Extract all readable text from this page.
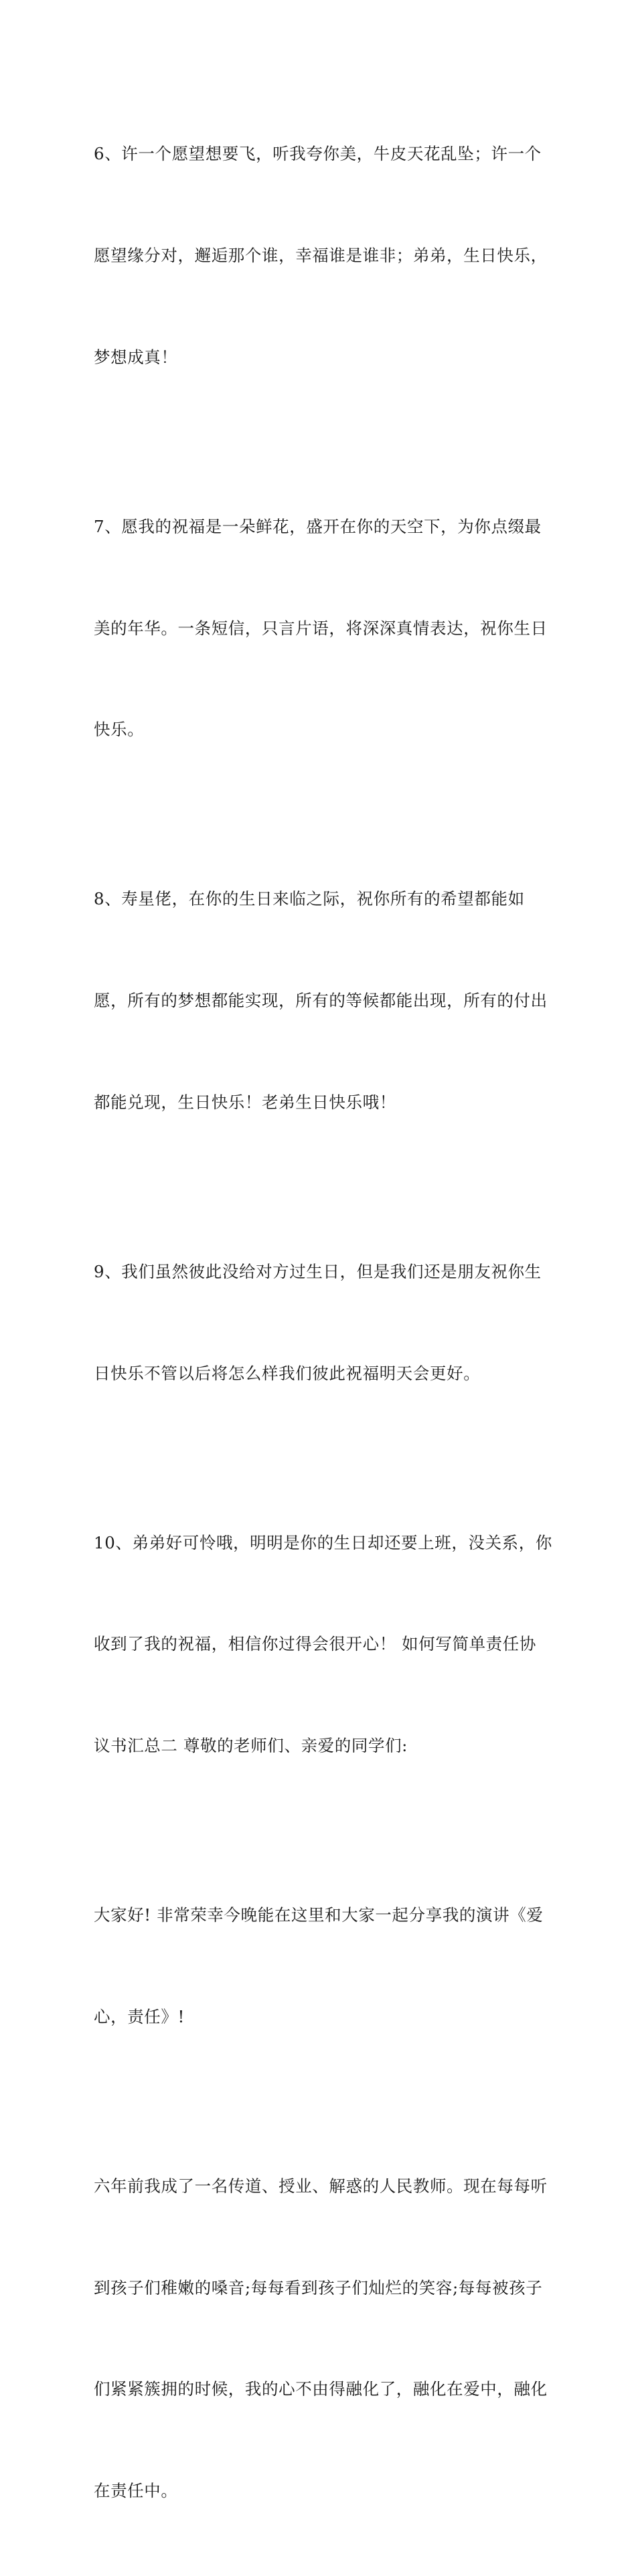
6、许一个愿望想要飞，听我夸你美，牛皮天花乱坠；许一个

愿望缘分对，邂逅那个谁，幸福谁是谁非；弟弟，生日快乐，

梦想成真！

7、愿我的祝福是一朵鲜花，盛开在你的天空下，为你点缀最

美的年华。一条短信，只言片语，将深深真情表达，祝你生日

快乐。

8、寿星佬，在你的生日来临之际，祝你所有的希望都能如

愿，所有的梦想都能实现，所有的等候都能出现，所有的付出

都能兑现，生日快乐！老弟生日快乐哦！

9、我们虽然彼此没给对方过生日，但是我们还是朋友祝你生

日快乐不管以后将怎么样我们彼此祝福明天会更好。

10、弟弟好可怜哦，明明是你的生日却还要上班，没关系，你

收到了我的祝福，相信你过得会很开心！ 如何写简单责任协

议书汇总二 尊敬的老师们、亲爱的同学们:

大家好! 非常荣幸今晚能在这里和大家一起分享我的演讲《爱

心，责任》!

六年前我成了一名传道、授业、解惑的人民教师。现在每每听

到孩子们稚嫩的嗓音;每每看到孩子们灿烂的笑容;每每被孩子

们紧紧簇拥的时候，我的心不由得融化了，融化在爱中，融化

在责任中。
